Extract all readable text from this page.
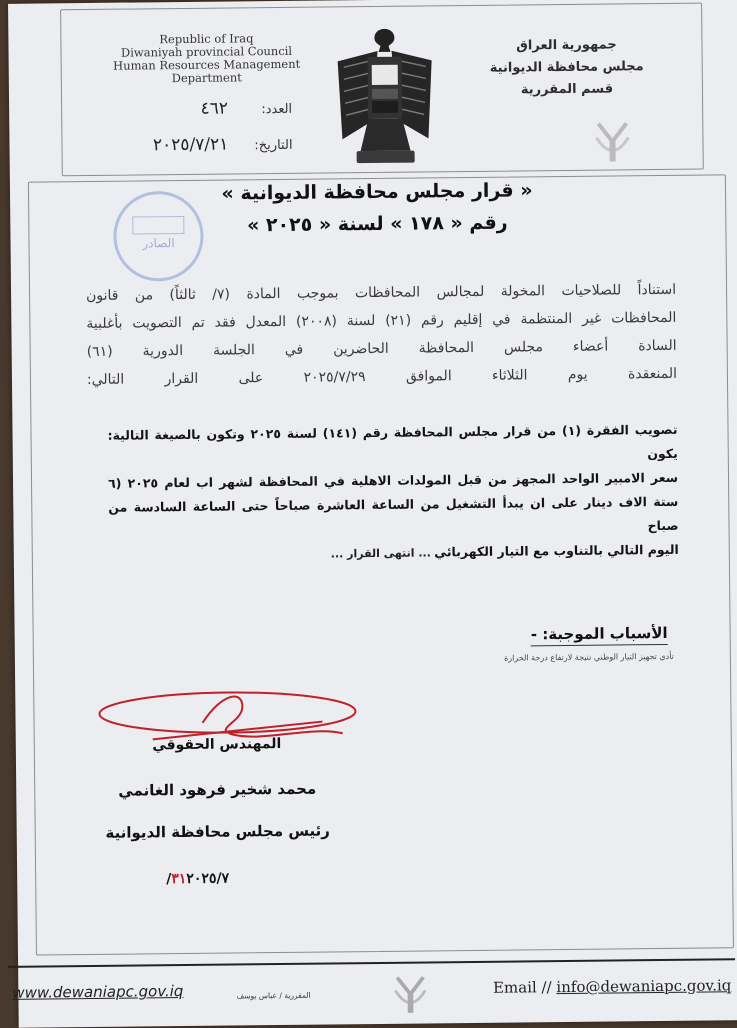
Republic of Iraq
Diwaniyah provincial Council
Human Resources Management Department
جمهورية العراق
مجلس محافظة الديوانية
قسم المقررية
العدد: ٤٦٢
التاريخ: ٢٠٢٥/٧/٢١
الصادر
« قرار مجلس محافظة الديوانية »
رقم « ١٧٨ » لسنة « ٢٠٢٥ »
استناداً للصلاحيات المخولة لمجالس المحافظات بموجب المادة (٧/ ثالثاً) من قانون
المحافظات غير المنتظمة في إقليم رقم (٢١) لسنة (٢٠٠٨) المعدل فقد تم التصويت بأغلبية
السادة أعضاء مجلس المحافظة الحاضرين في الجلسة الدورية (٦١)
المنعقدة يوم الثلاثاء الموافق ٢٠٢٥/٧/٢٩ على القرار التالي:
تصويب الفقرة (١) من قرار مجلس المحافظة رقم (١٤١) لسنة ٢٠٢٥ وتكون بالصيغة التالية: يكون
سعر الامبير الواحد المجهز من قبل المولدات الاهلية في المحافظة لشهر اب لعام ٢٠٢٥ (٦
ستة الاف دينار على ان يبدأ التشغيل من الساعة العاشرة صباحاً حتى الساعة السادسة من صباح
اليوم التالي بالتناوب مع التيار الكهربائي
... انتهى القرار ...
الأسباب الموجبة: -
تأدي تجهيز التيار الوطني نتيجة لارتفاع درجة الحرارة
المهندس الحقوقي
محمد شخير فرهود الغانمي
رئيس مجلس محافظة الديوانية
٣١٢٠٢٥/٧/
www.dewaniapc.gov.iq	المقررية / عباس يوسف	Email // info@dewaniapc.gov.iq
